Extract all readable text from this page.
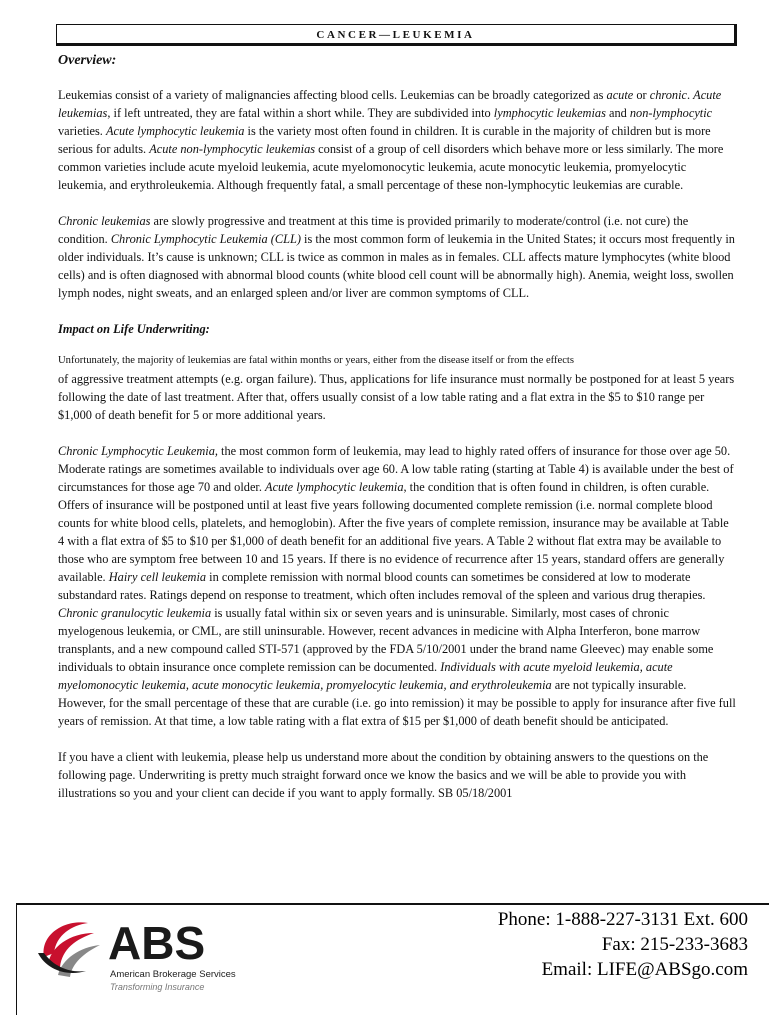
CANCER—LEUKEMIA

Overview:

Leukemias consist of a variety of malignancies affecting blood cells. Leukemias can be broadly categorized as acute or chronic. Acute leukemias, if left untreated, they are fatal within a short while. They are subdivided into lymphocytic leukemias and non-lymphocytic varieties. Acute lymphocytic leukemia is the variety most often found in children. It is curable in the majority of children but is more serious for adults. Acute non-lymphocytic leukemias consist of a group of cell disorders which behave more or less similarly. The more common varieties include acute myeloid leukemia, acute myelomonocytic leukemia, acute monocytic leukemia, promyelocytic leukemia, and erythroleukemia. Although frequently fatal, a small percentage of these non-lymphocytic leukemias are curable.

Chronic leukemias are slowly progressive and treatment at this time is provided primarily to moderate/control (i.e. not cure) the condition. Chronic Lymphocytic Leukemia (CLL) is the most common form of leukemia in the United States; it occurs most frequently in older individuals. It’s cause is unknown; CLL is twice as common in males as in females. CLL affects mature lymphocytes (white blood cells) and is often diagnosed with abnormal blood counts (white blood cell count will be abnormally high). Anemia, weight loss, swollen lymph nodes, night sweats, and an enlarged spleen and/or liver are common symptoms of CLL.

Impact on Life Underwriting:

Unfortunately, the majority of leukemias are fatal within months or years, either from the disease itself or from the effects
of aggressive treatment attempts (e.g. organ failure). Thus, applications for life insurance must normally be postponed for at least 5 years following the date of last treatment. After that, offers usually consist of a low table rating and a flat extra in the $5 to $10 range per $1,000 of death benefit for 5 or more additional years.

Chronic Lymphocytic Leukemia, the most common form of leukemia, may lead to highly rated offers of insurance for those over age 50. Moderate ratings are sometimes available to individuals over age 60. A low table rating (starting at Table 4) is available under the best of circumstances for those age 70 and older. Acute lymphocytic leukemia, the condition that is often found in children, is often curable. Offers of insurance will be postponed until at least five years following documented complete remission (i.e. normal complete blood counts for white blood cells, platelets, and hemoglobin). After the five years of complete remission, insurance may be available at Table 4 with a flat extra of $5 to $10 per $1,000 of death benefit for an additional five years. A Table 2 without flat extra may be available to those who are symptom free between 10 and 15 years. If there is no evidence of recurrence after 15 years, standard offers are generally available. Hairy cell leukemia in complete remission with normal blood counts can sometimes be considered at low to moderate substandard rates. Ratings depend on response to treatment, which often includes removal of the spleen and various drug therapies. Chronic granulocytic leukemia is usually fatal within six or seven years and is uninsurable. Similarly, most cases of chronic myelogenous leukemia, or CML, are still uninsurable. However, recent advances in medicine with Alpha Interferon, bone marrow transplants, and a new compound called STI-571 (approved by the FDA 5/10/2001 under the brand name Gleevec) may enable some individuals to obtain insurance once complete remission can be documented. Individuals with acute myeloid leukemia, acute myelomonocytic leukemia, acute monocytic leukemia, promyelocytic leukemia, and erythroleukemia are not typically insurable. However, for the small percentage of these that are curable (i.e. go into remission) it may be possible to apply for insurance after five full years of remission. At that time, a low table rating with a flat extra of $15 per $1,000 of death benefit should be anticipated.

If you have a client with leukemia, please help us understand more about the condition by obtaining answers to the questions on the following page. Underwriting is pretty much straight forward once we know the basics and we will be able to provide you with illustrations so you and your client can decide if you want to apply formally. SB 05/18/2001

ABS
American Brokerage Services
Transforming Insurance
Phone: 1-888-227-3131 Ext. 600
Fax: 215-233-3683
Email: LIFE@ABSgo.com
